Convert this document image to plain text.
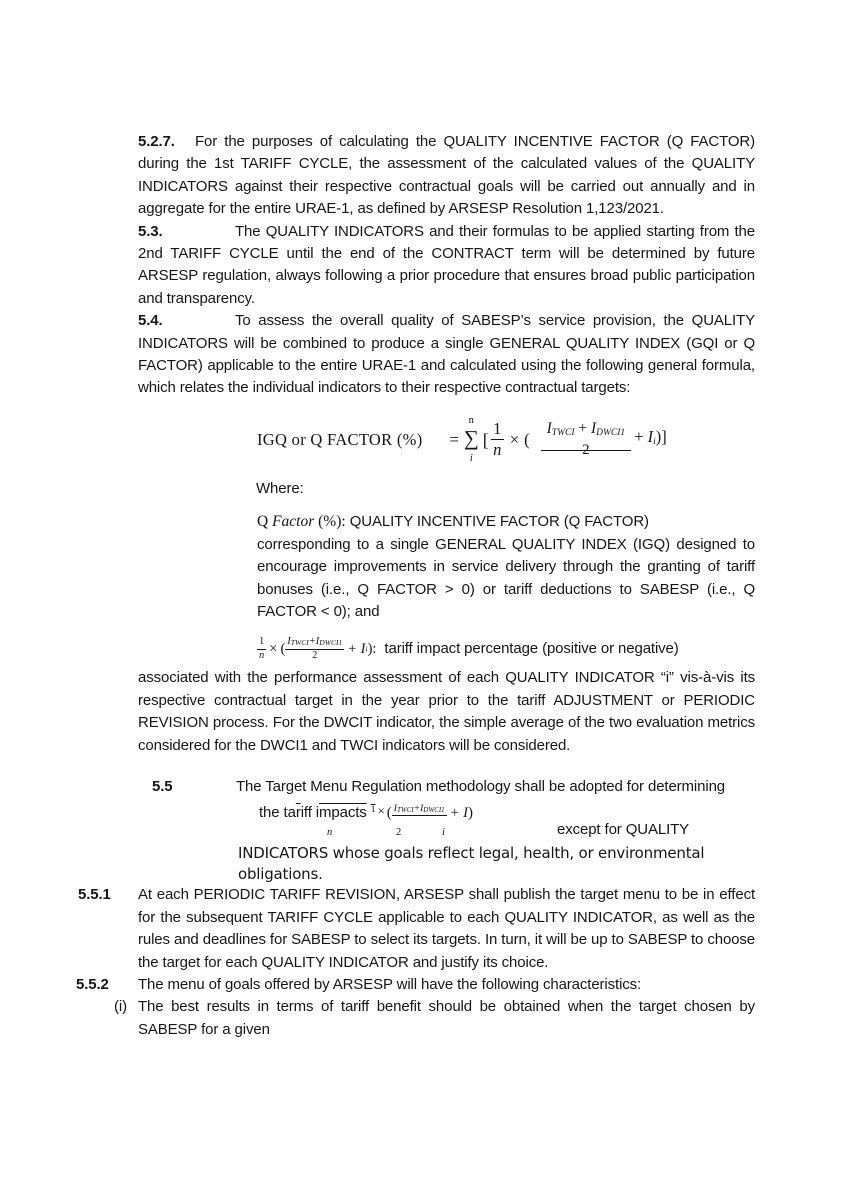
5.2.7. For the purposes of calculating the QUALITY INCENTIVE FACTOR (Q FACTOR) during the 1st TARIFF CYCLE, the assessment of the calculated values of the QUALITY INDICATORS against their respective contractual goals will be carried out annually and in aggregate for the entire URAE-1, as defined by ARSESP Resolution 1,123/2021.

5.3.	The QUALITY INDICATORS and their formulas to be applied starting from the 2nd TARIFF CYCLE until the end of the CONTRACT term will be determined by future ARSESP regulation, always following a prior procedure that ensures broad public participation and transparency.

5.4.	To assess the overall quality of SABESP’s service provision, the QUALITY INDICATORS will be combined to produce a single GENERAL QUALITY INDEX (GQI or Q FACTOR) applicable to the entire URAE-1 and calculated using the following general formula, which relates the individual indicators to their respective contractual targets:

IGQ or Q FACTOR (%) =
n
∑
i
[
1
n
× (
ITWCI + IDWCI1
2
+ Ii)]
Where:
Q Factor (%): QUALITY INCENTIVE FACTOR (Q FACTOR)

corresponding to a single GENERAL QUALITY INDEX (IGQ) designed to encourage improvements in service delivery through the granting of tariff bonuses (i.e., Q FACTOR > 0) or tariff deductions to SABESP (i.e., Q FACTOR < 0); and

$\frac{1}{n}$ × ( $\frac{\text{ITWCI+IDWCI1}}{2} + I$ i ): tariff impact percentage (positive or negative)

associated with the performance assessment of each QUALITY INDICATOR “i” vis-à-vis its respective contractual target in the year prior to the tariff ADJUSTMENT or PERIODIC REVISION process. For the DWCIT indicator, the simple average of the two evaluation metrics considered for the DWCI1 and TWCI indicators will be considered.

5.5	The Target Menu Regulation methodology shall be adopted for determining

the $ta\overline{r}iff$ impacts $^1$ × ( $^{ITWCI+IDWCI1}$ + I)
n	2	i	except for QUALITY
INDICATORS whose goals reflect legal, health, or environmental
obligations.

5.5.1 At each PERIODIC TARIFF REVISION, ARSESP shall publish the target menu to be in effect for the subsequent TARIFF CYCLE applicable to each QUALITY INDICATOR, as well as the rules and deadlines for SABESP to select its targets. In turn, it will be up to SABESP to choose the target for each QUALITY INDICATOR and justify its choice.

5.5.2 The menu of goals offered by ARSESP will have the following characteristics:

(i) The best results in terms of tariff benefit should be obtained when the target chosen by SABESP for a given
